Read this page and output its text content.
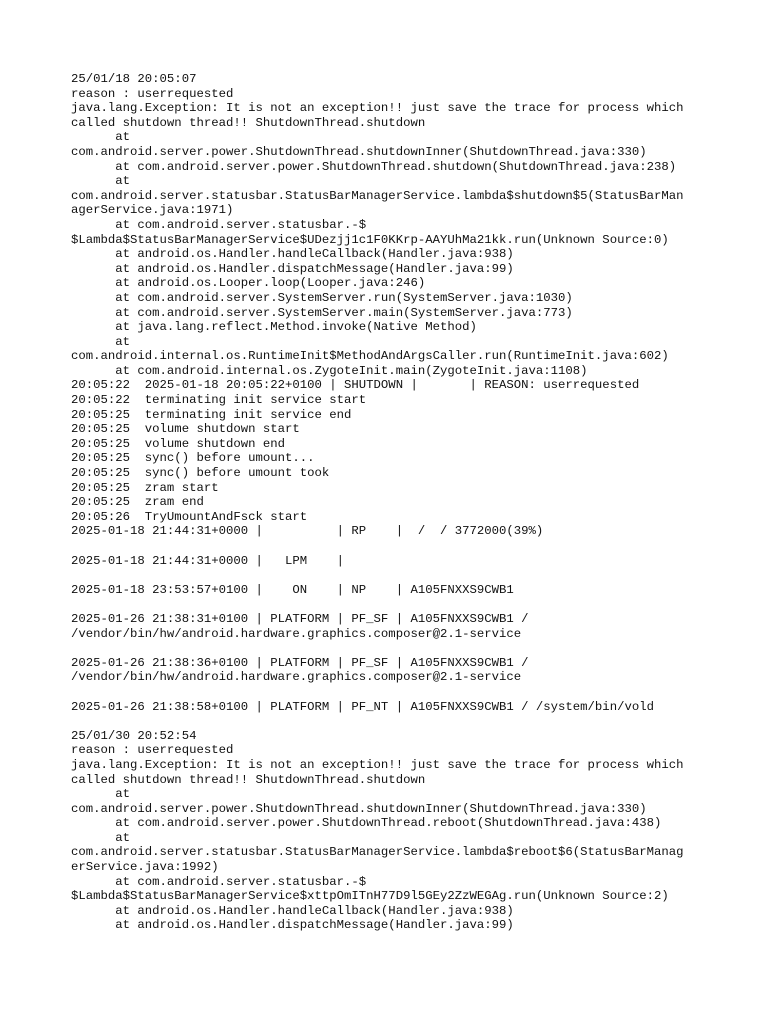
25/01/18 20:05:07
reason : userrequested
java.lang.Exception: It is not an exception!! just save the trace for process which
called shutdown thread!! ShutdownThread.shutdown
at
com.android.server.power.ShutdownThread.shutdownInner(ShutdownThread.java:330)
at com.android.server.power.ShutdownThread.shutdown(ShutdownThread.java:238)
at
com.android.server.statusbar.StatusBarManagerService.lambda$shutdown$5(StatusBarMan
agerService.java:1971)
at com.android.server.statusbar.-$
$Lambda$StatusBarManagerService$UDezjj1c1F0KKrp-AAYUhMa21kk.run(Unknown Source:0)
at android.os.Handler.handleCallback(Handler.java:938)
at android.os.Handler.dispatchMessage(Handler.java:99)
at android.os.Looper.loop(Looper.java:246)
at com.android.server.SystemServer.run(SystemServer.java:1030)
at com.android.server.SystemServer.main(SystemServer.java:773)
at java.lang.reflect.Method.invoke(Native Method)
at
com.android.internal.os.RuntimeInit$MethodAndArgsCaller.run(RuntimeInit.java:602)
at com.android.internal.os.ZygoteInit.main(ZygoteInit.java:1108)
20:05:22  2025-01-18 20:05:22+0100 | SHUTDOWN |       | REASON: userrequested
20:05:22  terminating init service start
20:05:25  terminating init service end
20:05:25  volume shutdown start
20:05:25  volume shutdown end
20:05:25  sync() before umount...
20:05:25  sync() before umount took
20:05:25  zram start
20:05:25  zram end
20:05:26  TryUmountAndFsck start
2025-01-18 21:44:31+0000 |          | RP    |  /  / 3772000(39%)
2025-01-18 21:44:31+0000 |   LPM    |
2025-01-18 23:53:57+0100 |    ON    | NP    | A105FNXXS9CWB1
2025-01-26 21:38:31+0100 | PLATFORM | PF_SF | A105FNXXS9CWB1 /
/vendor/bin/hw/android.hardware.graphics.composer@2.1-service
2025-01-26 21:38:36+0100 | PLATFORM | PF_SF | A105FNXXS9CWB1 /
/vendor/bin/hw/android.hardware.graphics.composer@2.1-service
2025-01-26 21:38:58+0100 | PLATFORM | PF_NT | A105FNXXS9CWB1 / /system/bin/vold
25/01/30 20:52:54
reason : userrequested
java.lang.Exception: It is not an exception!! just save the trace for process which
called shutdown thread!! ShutdownThread.shutdown
at
com.android.server.power.ShutdownThread.shutdownInner(ShutdownThread.java:330)
at com.android.server.power.ShutdownThread.reboot(ShutdownThread.java:438)
at
com.android.server.statusbar.StatusBarManagerService.lambda$reboot$6(StatusBarManag
erService.java:1992)
at com.android.server.statusbar.-$
$Lambda$StatusBarManagerService$xttpOmITnH77D9l5GEy2ZzWEGAg.run(Unknown Source:2)
at android.os.Handler.handleCallback(Handler.java:938)
at android.os.Handler.dispatchMessage(Handler.java:99)
